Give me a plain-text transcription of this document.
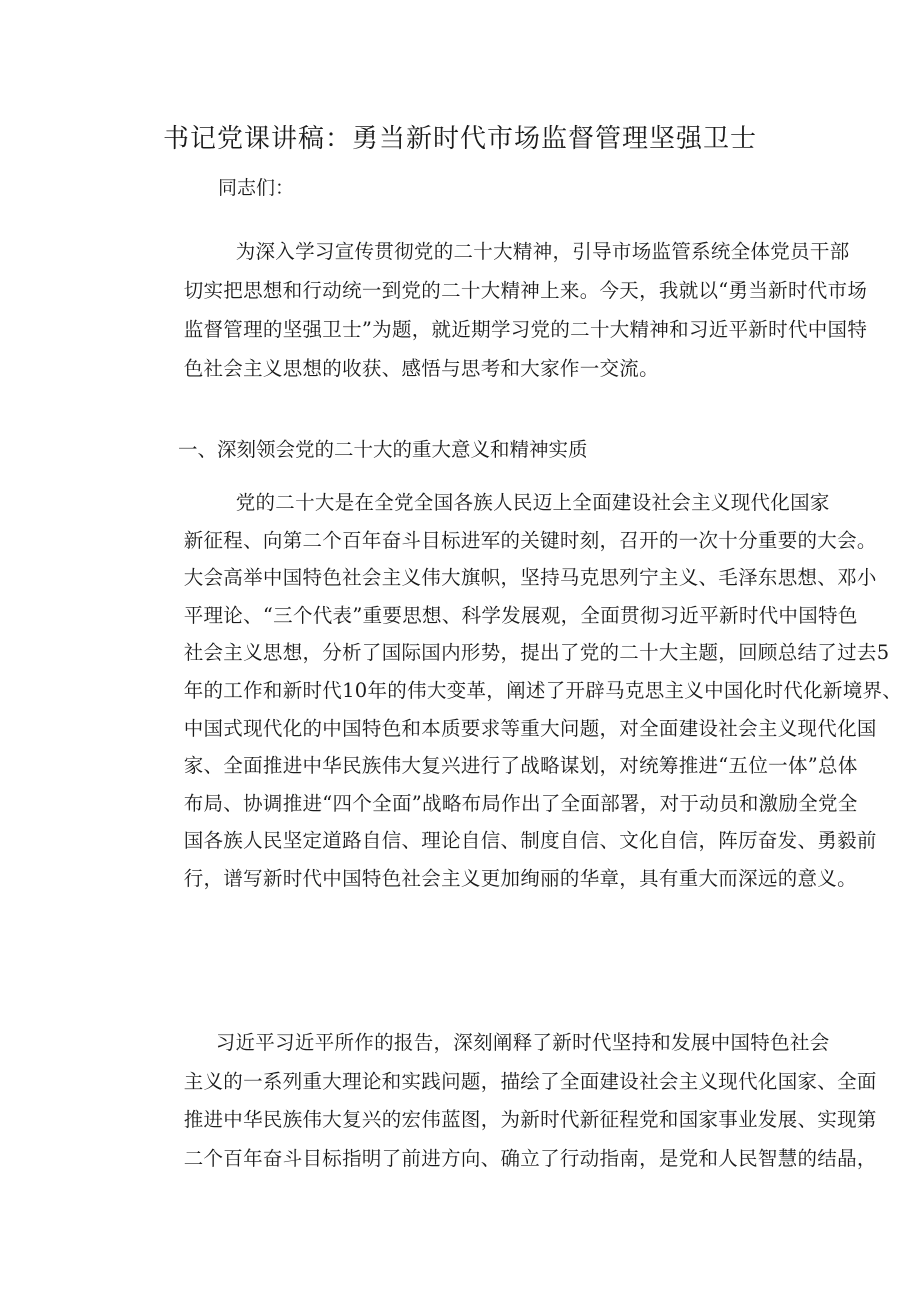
书记党课讲稿：勇当新时代市场监督管理坚强卫士

同志们：

为深入学习宣传贯彻党的二十大精神，引导市场监管系统全体党员干部
切实把思想和行动统一到党的二十大精神上来。今天，我就以“勇当新时代市场
监督管理的坚强卫士”为题，就近期学习党的二十大精神和习近平新时代中国特
色社会主义思想的收获、感悟与思考和大家作一交流。
一、深刻领会党的二十大的重大意义和精神实质
党的二十大是在全党全国各族人民迈上全面建设社会主义现代化国家
新征程、向第二个百年奋斗目标进军的关键时刻，召开的一次十分重要的大会。
大会高举中国特色社会主义伟大旗帜，坚持马克思列宁主义、毛泽东思想、邓小
平理论、“三个代表”重要思想、科学发展观，全面贯彻习近平新时代中国特色
社会主义思想，分析了国际国内形势，提出了党的二十大主题，回顾总结了过去5
年的工作和新时代10年的伟大变革，阐述了开辟马克思主义中国化时代化新境界、
中国式现代化的中国特色和本质要求等重大问题，对全面建设社会主义现代化国
家、全面推进中华民族伟大复兴进行了战略谋划，对统筹推进“五位一体”总体
布局、协调推进“四个全面”战略布局作出了全面部署，对于动员和激励全党全
国各族人民坚定道路自信、理论自信、制度自信、文化自信，阵厉奋发、勇毅前
行，谱写新时代中国特色社会主义更加绚丽的华章，具有重大而深远的意义。
习近平习近平所作的报告，深刻阐释了新时代坚持和发展中国特色社会
主义的一系列重大理论和实践问题，描绘了全面建设社会主义现代化国家、全面
推进中华民族伟大复兴的宏伟蓝图，为新时代新征程党和国家事业发展、实现第
二个百年奋斗目标指明了前进方向、确立了行动指南，是党和人民智慧的结晶，
